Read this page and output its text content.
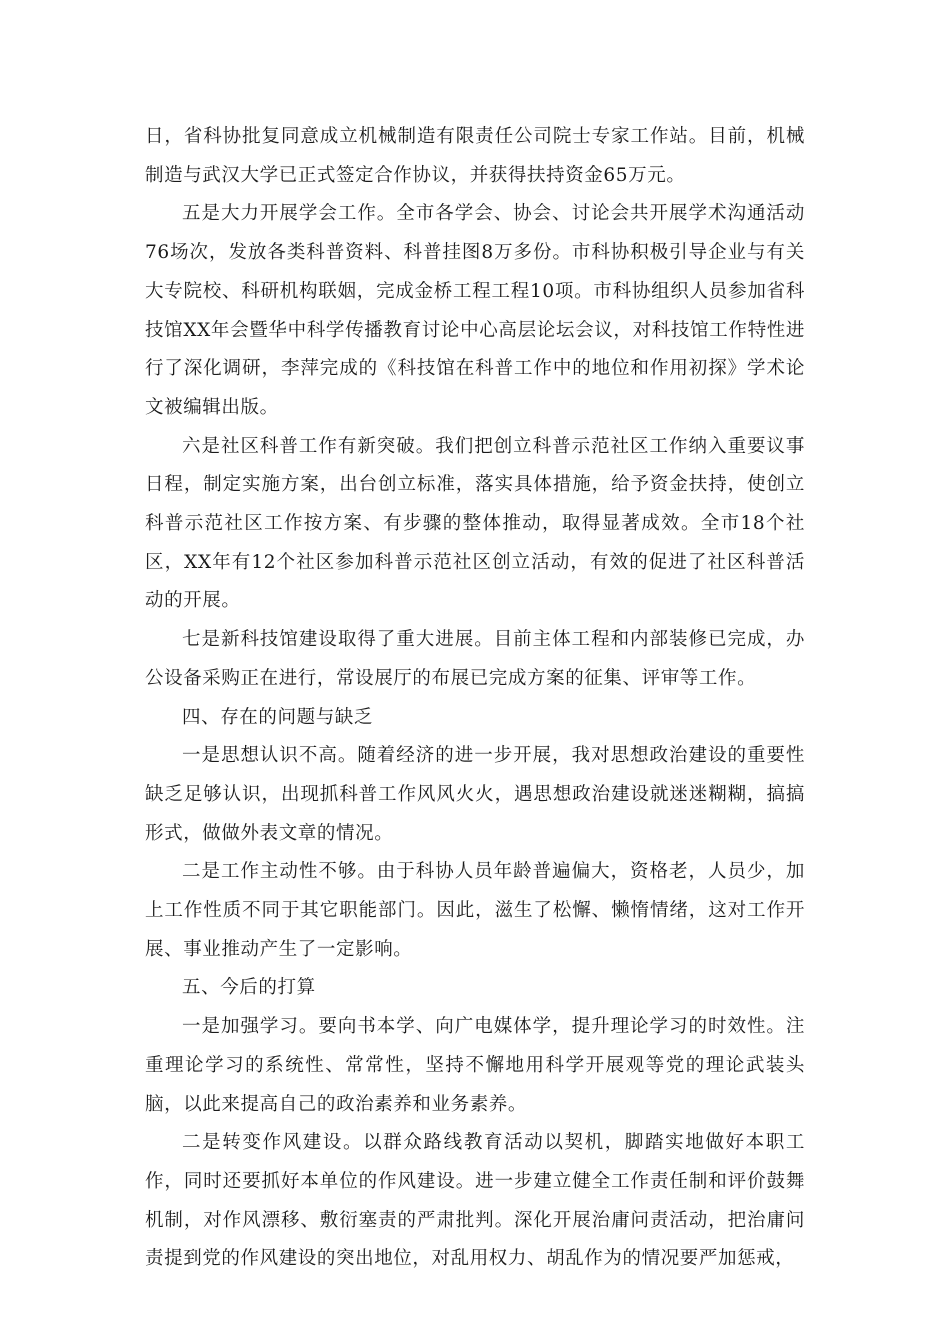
日，省科协批复同意成立机械制造有限责任公司院士专家工作站。目前，机械制造与武汉大学已正式签定合作协议，并获得扶持资金65万元。

五是大力开展学会工作。全市各学会、协会、讨论会共开展学术沟通活动76场次，发放各类科普资料、科普挂图8万多份。市科协积极引导企业与有关大专院校、科研机构联姻，完成金桥工程工程10项。市科协组织人员参加省科技馆XX年会暨华中科学传播教育讨论中心高层论坛会议，对科技馆工作特性进行了深化调研，李萍完成的《科技馆在科普工作中的地位和作用初探》学术论文被编辑出版。

六是社区科普工作有新突破。我们把创立科普示范社区工作纳入重要议事日程，制定实施方案，出台创立标准，落实具体措施，给予资金扶持，使创立科普示范社区工作按方案、有步骤的整体推动，取得显著成效。全市18个社区，XX年有12个社区参加科普示范社区创立活动，有效的促进了社区科普活动的开展。

七是新科技馆建设取得了重大进展。目前主体工程和内部装修已完成，办公设备采购正在进行，常设展厅的布展已完成方案的征集、评审等工作。

四、存在的问题与缺乏

一是思想认识不高。随着经济的进一步开展，我对思想政治建设的重要性缺乏足够认识，出现抓科普工作风风火火，遇思想政治建设就迷迷糊糊，搞搞形式，做做外表文章的情况。

二是工作主动性不够。由于科协人员年龄普遍偏大，资格老，人员少，加上工作性质不同于其它职能部门。因此，滋生了松懈、懒惰情绪，这对工作开展、事业推动产生了一定影响。

五、今后的打算

一是加强学习。要向书本学、向广电媒体学，提升理论学习的时效性。注重理论学习的系统性、常常性，坚持不懈地用科学开展观等党的理论武装头脑，以此来提高自己的政治素养和业务素养。

二是转变作风建设。以群众路线教育活动以契机，脚踏实地做好本职工作，同时还要抓好本单位的作风建设。进一步建立健全工作责任制和评价鼓舞机制，对作风漂移、敷衍塞责的严肃批判。深化开展治庸问责活动，把治庸问责提到党的作风建设的突出地位，对乱用权力、胡乱作为的情况要严加惩戒，
